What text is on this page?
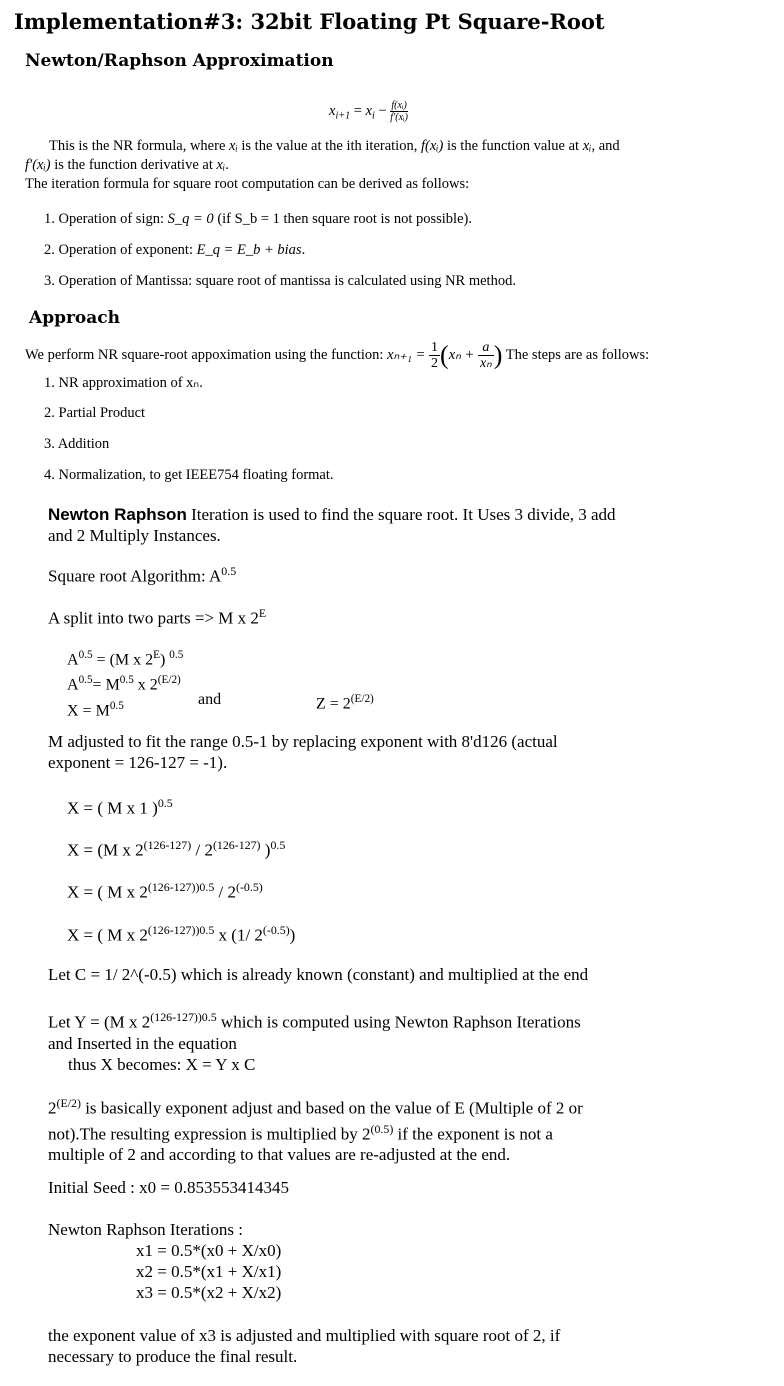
Implementation#3: 32bit Floating Pt Square-Root
Newton/Raphson Approximation
$x_{i+1} = x_i - \frac{\text{f(xᵢ)}}{\text{f′(xᵢ)}}$
This is the NR formula, where xᵢ is the value at the ith iteration, f(xᵢ) is the function value at xᵢ, and
f′(xᵢ) is the function derivative at xᵢ.
The iteration formula for square root computation can be derived as follows:
1. Operation of sign: S_q = 0 (if S_b = 1 then square root is not possible).
2. Operation of exponent: E_q = E_b + bias.
3. Operation of Mantissa: square root of mantissa is calculated using NR method.
Approach
We perform NR square-root appoximation using the function: $x_{n+1} = \frac{1}{2} (x_n + \frac{a}{\text{xₙ}}$ ) The steps are as follows:
1. NR approximation of xₙ.
2. Partial Product
3. Addition
4. Normalization, to get IEEE754 floating format.
Newton Raphson Iteration is used to find the square root. It Uses 3 divide, 3 add
and 2 Multiply Instances.
Square root Algorithm: $A^{0.5}$
A split into two parts => M x $2^E$
$A^{0.5} = (M$ x $2^E$) $^{0.5}$
$A^{0.5}= M^{0.5}$ x $2^{(E/2)}$
$X = M^{0.5}$	and	$Z = 2^{(E/2)}$
M adjusted to fit the range 0.5-1 by replacing exponent with 8'd126 (actual
exponent = 126-127 = -1).
X = ( M x 1 )$^{0.5}$
X = (M x 2$^{(126-127)}$ / 2$^{(126-127)}$ )$^{0.5}$
X = ( M x $2^{(126-127))0.5} / 2^{(-0.5)}$
X = ( M x $2^{(126-127))0.5}$ x (1/ $2^{(-0.5)}$)
Let C = 1/ 2^(-0.5) which is already known (constant) and multiplied at the end
Let Y = (M x $2^{(126-127))0.5}$ which is computed using Newton Raphson Iterations
and Inserted in the equation
thus X becomes: X = Y x C
$2^{(E/2)}$ is basically exponent adjust and based on the value of E (Multiple of 2 or
not).The resulting expression is multiplied by $2^{(0.5)}$ if the exponent is not a
multiple of 2 and according to that values are re-adjusted at the end.
Initial Seed : x0 = 0.853553414345
Newton Raphson Iterations :
x1 = 0.5*(x0 + X/x0)
x2 = 0.5*(x1 + X/x1)
x3 = 0.5*(x2 + X/x2)
the exponent value of x3 is adjusted and multiplied with square root of 2, if
necessary to produce the final result.
